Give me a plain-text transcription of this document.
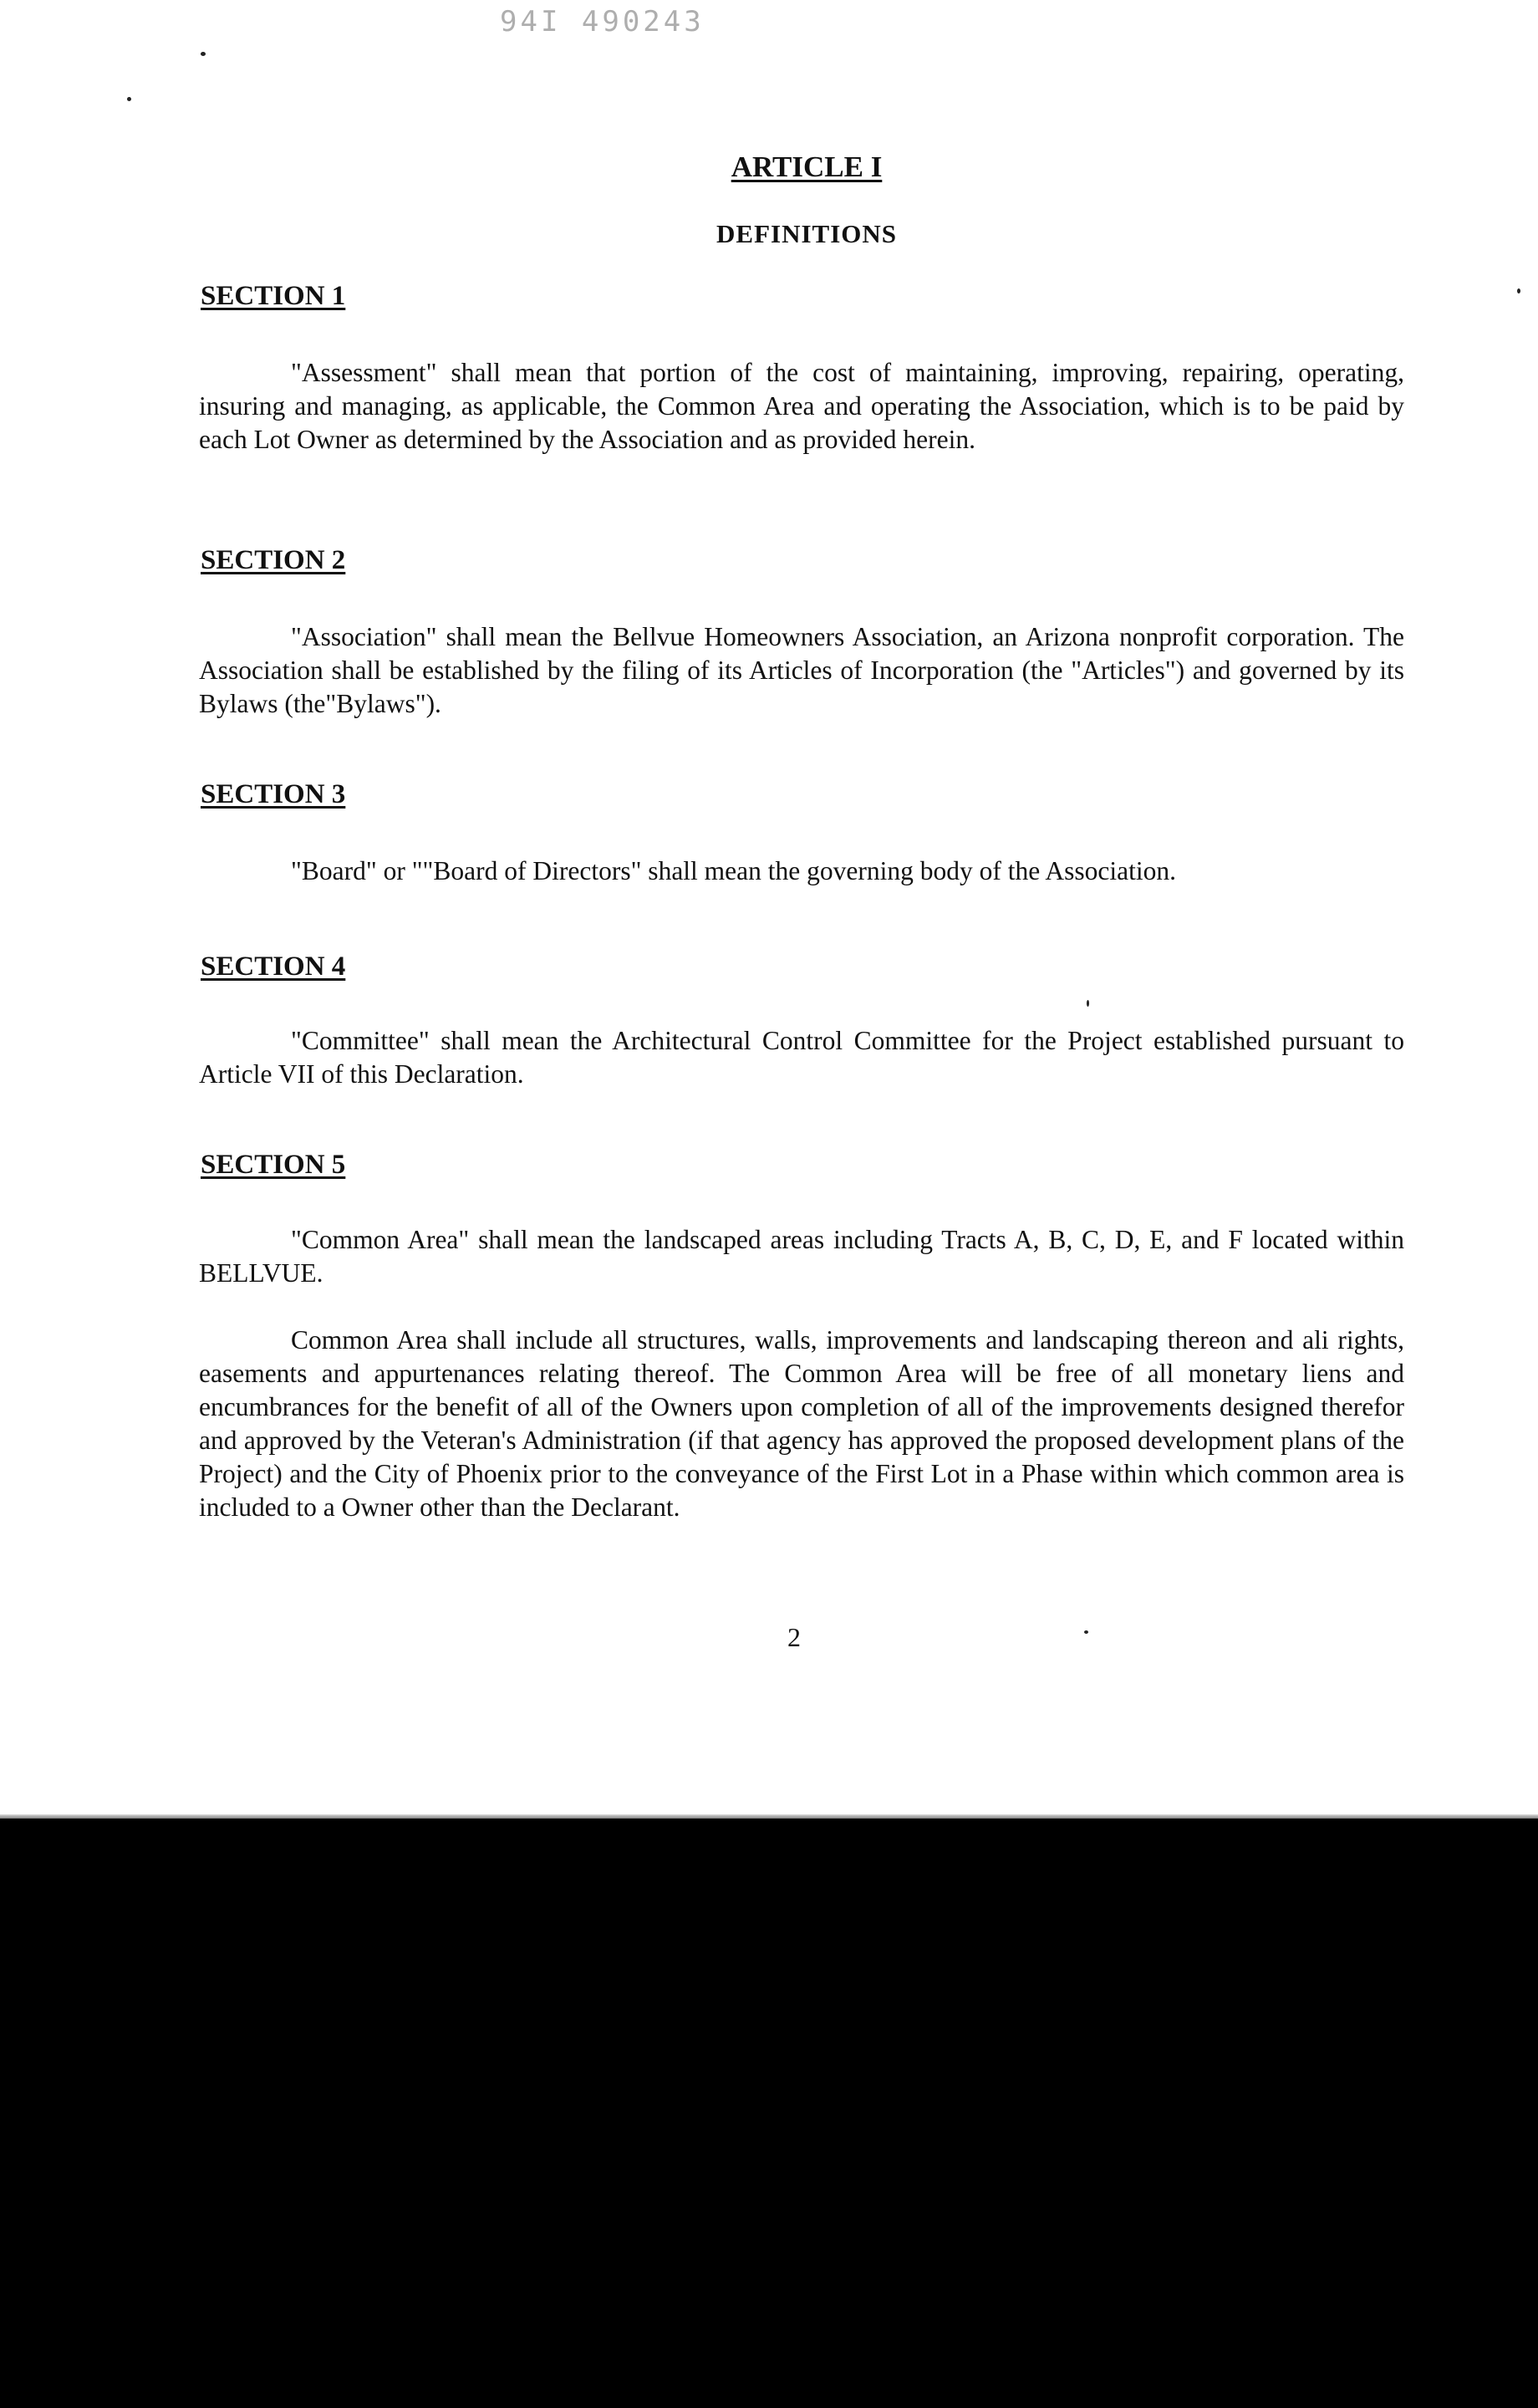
94I 490243
ARTICLE I
DEFINITIONS
SECTION 1

"Assessment" shall mean that portion of the cost of maintaining, improving, repairing, operating, insuring and managing, as applicable, the Common Area and operating the Association, which is to be paid by each Lot Owner as determined by the Association and as provided herein.

SECTION 2

"Association" shall mean the Bellvue Homeowners Association, an Arizona nonprofit corporation. The Association shall be established by the filing of its Articles of Incorporation (the "Articles") and governed by its Bylaws (the"Bylaws").

SECTION 3

"Board" or ""Board of Directors" shall mean the governing body of the Association.

SECTION 4

"Committee" shall mean the Architectural Control Committee for the Project established pursuant to Article VII of this Declaration.

SECTION 5

"Common Area" shall mean the landscaped areas including Tracts A, B, C, D, E, and F located within BELLVUE.

Common Area shall include all structures, walls, improvements and landscaping thereon and ali rights, easements and appurtenances relating thereof. The Common Area will be free of all monetary liens and encumbrances for the benefit of all of the Owners upon completion of all of the improvements designed therefor and approved by the Veteran's Administration (if that agency has approved the proposed development plans of the Project) and the City of Phoenix prior to the conveyance of the First Lot in a Phase within which common area is included to a Owner other than the Declarant.

2
